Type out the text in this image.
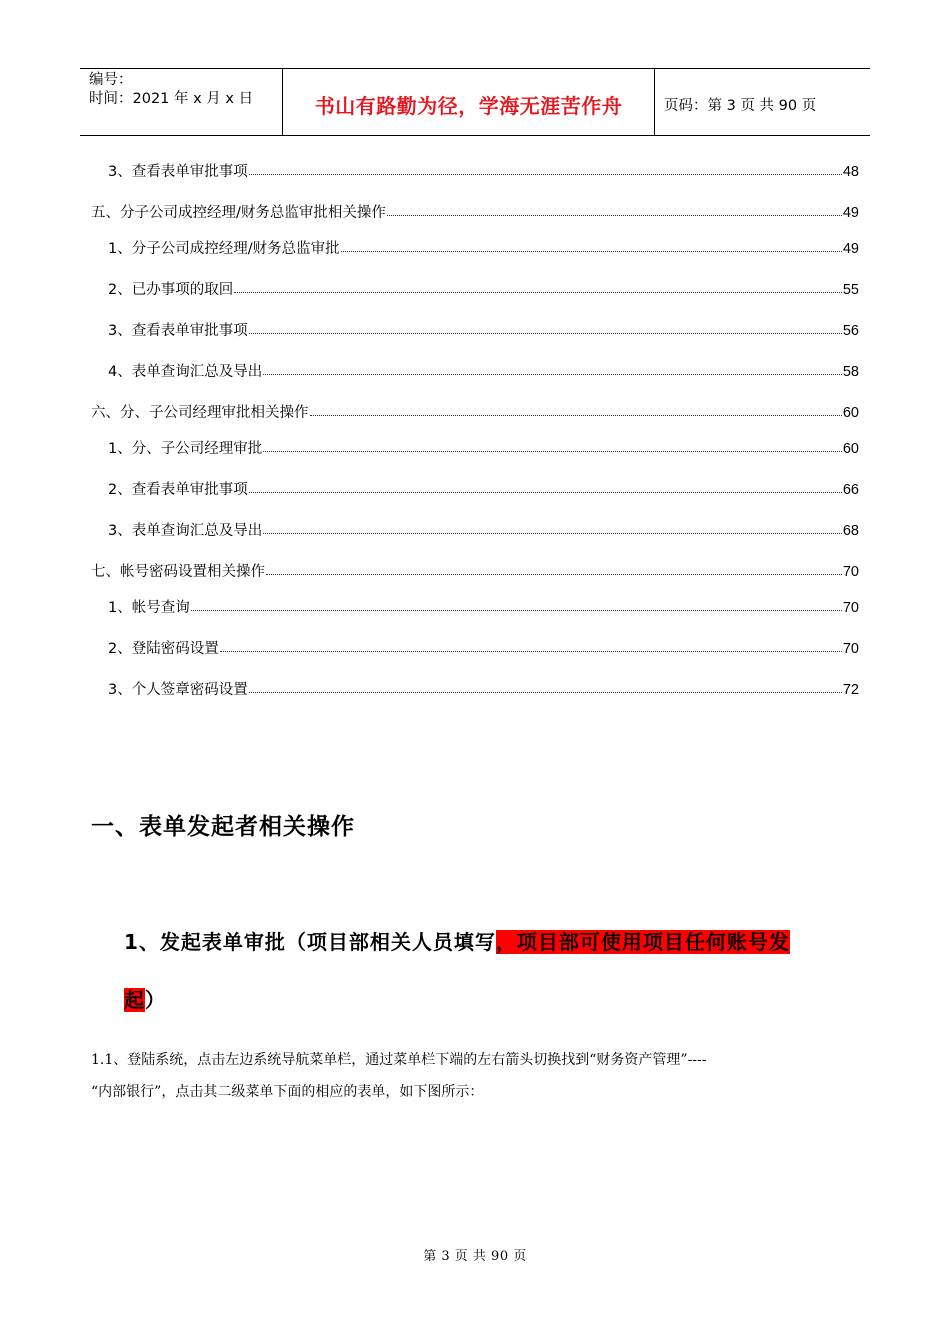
编号：
时间：2021 年 x 月 x 日	书山有路勤为径，学海无涯苦作舟	页码：第 3 页 共 90 页
3、查看表单审批事项	48
五、分子公司成控经理/财务总监审批相关操作	49
1、分子公司成控经理/财务总监审批	49
2、已办事项的取回	55
3、查看表单审批事项	56
4、表单查询汇总及导出	58
六、分、子公司经理审批相关操作	60
1、分、子公司经理审批	60
2、查看表单审批事项	66
3、表单查询汇总及导出	68
七、帐号密码设置相关操作	70
1、帐号查询	70
2、登陆密码设置	70
3、个人签章密码设置	72
一、表单发起者相关操作
1、发起表单审批（项目部相关人员填写，项目部可使用项目任何账号发
起）
1.1、登陆系统，点击左边系统导航菜单栏，通过菜单栏下端的左右箭头切换找到“财务资产管理”----
“内部银行”，点击其二级菜单下面的相应的表单，如下图所示：
第 3 页 共 90 页
